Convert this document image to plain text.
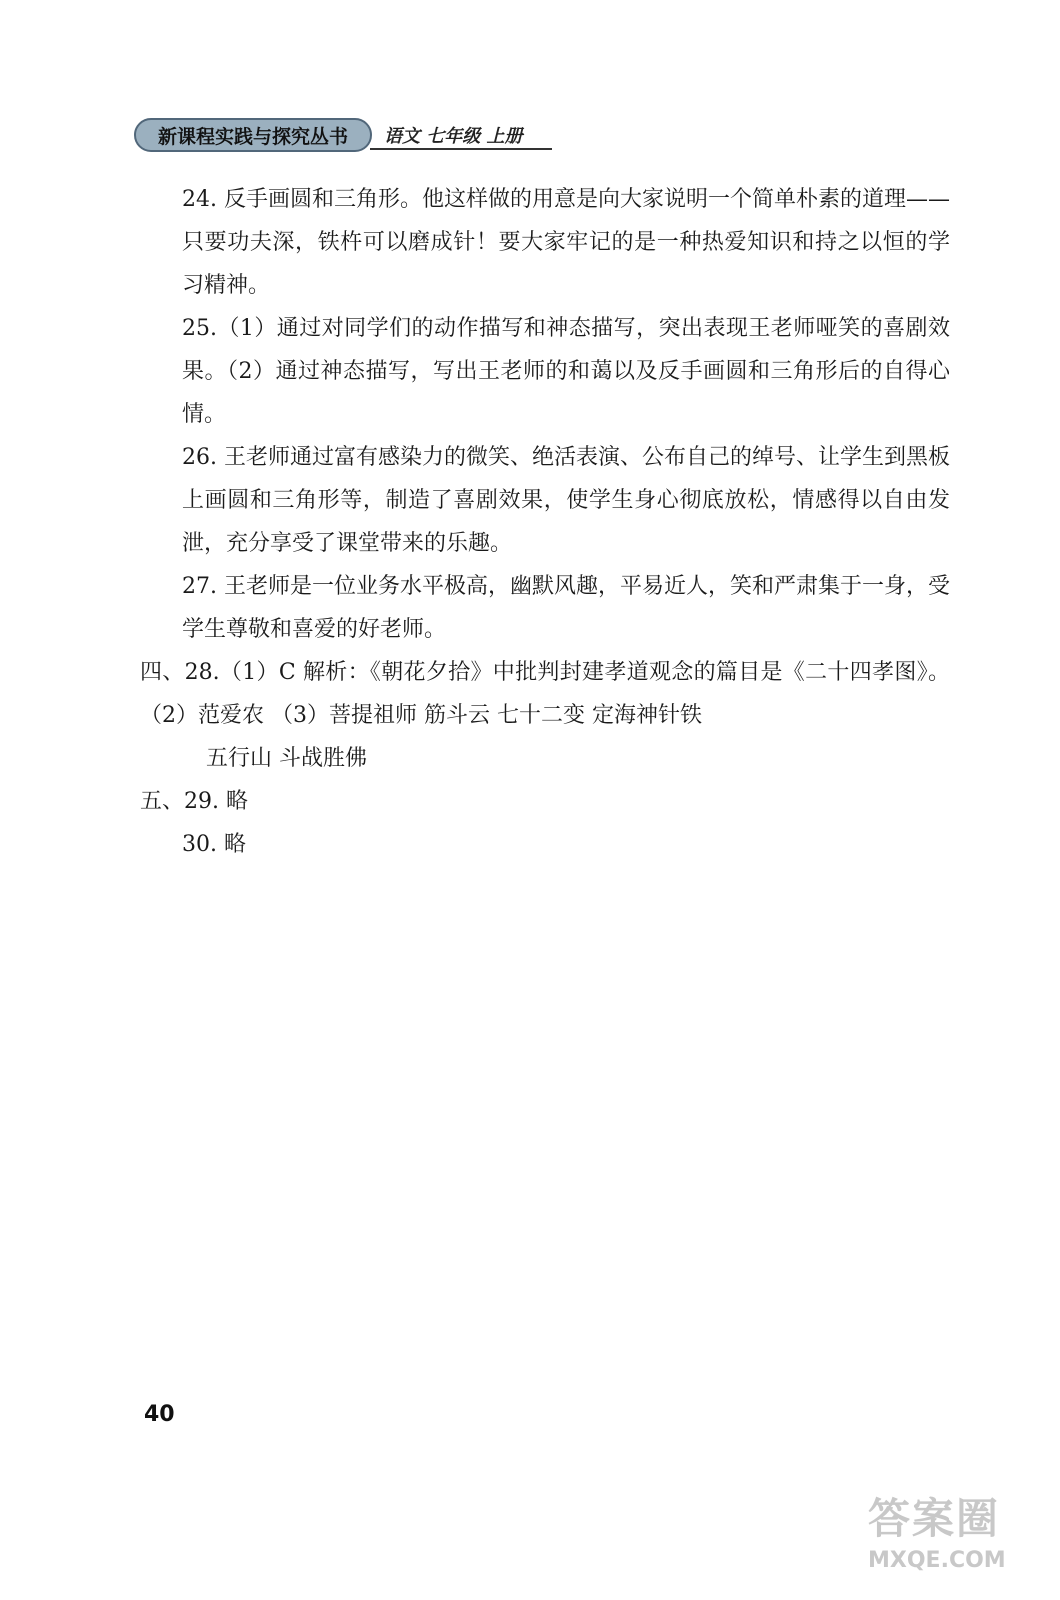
新课程实践与探究丛书 语文 七年级 上册
24. 反手画圆和三角形。他这样做的用意是向大家说明一个简单朴素的道理——只要功夫深，铁杵可以磨成针！要大家牢记的是一种热爱知识和持之以恒的学习精神。
25.（1）通过对同学们的动作描写和神态描写，突出表现王老师哑笑的喜剧效果。（2）通过神态描写，写出王老师的和蔼以及反手画圆和三角形后的自得心情。
26. 王老师通过富有感染力的微笑、绝活表演、公布自己的绰号、让学生到黑板上画圆和三角形等，制造了喜剧效果，使学生身心彻底放松，情感得以自由发泄，充分享受了课堂带来的乐趣。
27. 王老师是一位业务水平极高，幽默风趣，平易近人，笑和严肃集于一身，受学生尊敬和喜爱的好老师。
四、28.（1）C 解析：《朝花夕拾》中批判封建孝道观念的篇目是《二十四孝图》。（2）范爱农 （3）菩提祖师 筋斗云 七十二变 定海神针铁
五行山 斗战胜佛
五、29. 略
30. 略
40
答案圈
MXQE.COM
